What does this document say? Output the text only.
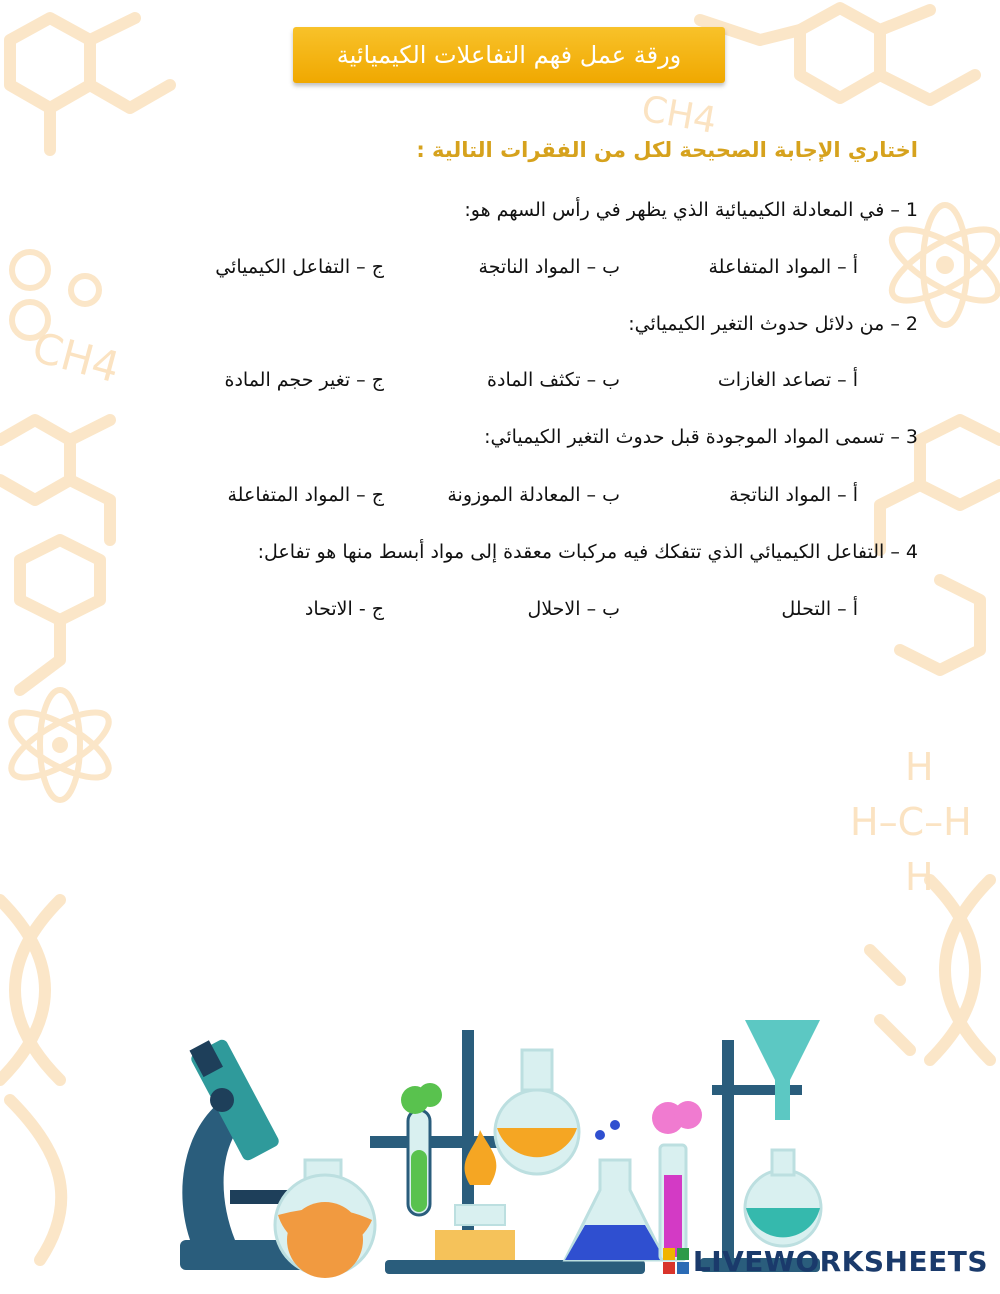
CH4
CH4
H
H–C–H
H
ورقة عمل فهم التفاعلات الكيميائية
اختاري الإجابة الصحيحة لكل من الفقرات التالية :
1 – في المعادلة الكيميائية الذي يظهر في رأس السهم هو:
أ – المواد المتفاعلة
ب – المواد الناتجة
ج – التفاعل الكيميائي
2 – من دلائل حدوث التغير الكيميائي:
أ – تصاعد الغازات
ب – تكثف المادة
ج – تغير حجم المادة
3 – تسمى المواد الموجودة قبل حدوث التغير الكيميائي:
أ – المواد الناتجة
ب – المعادلة الموزونة
ج – المواد المتفاعلة
4 – التفاعل الكيميائي الذي تتفكك فيه مركبات معقدة إلى مواد أبسط منها هو تفاعل:
أ – التحلل
ب – الاحلال
ج - الاتحاد
LIVEWORKSHEETS
